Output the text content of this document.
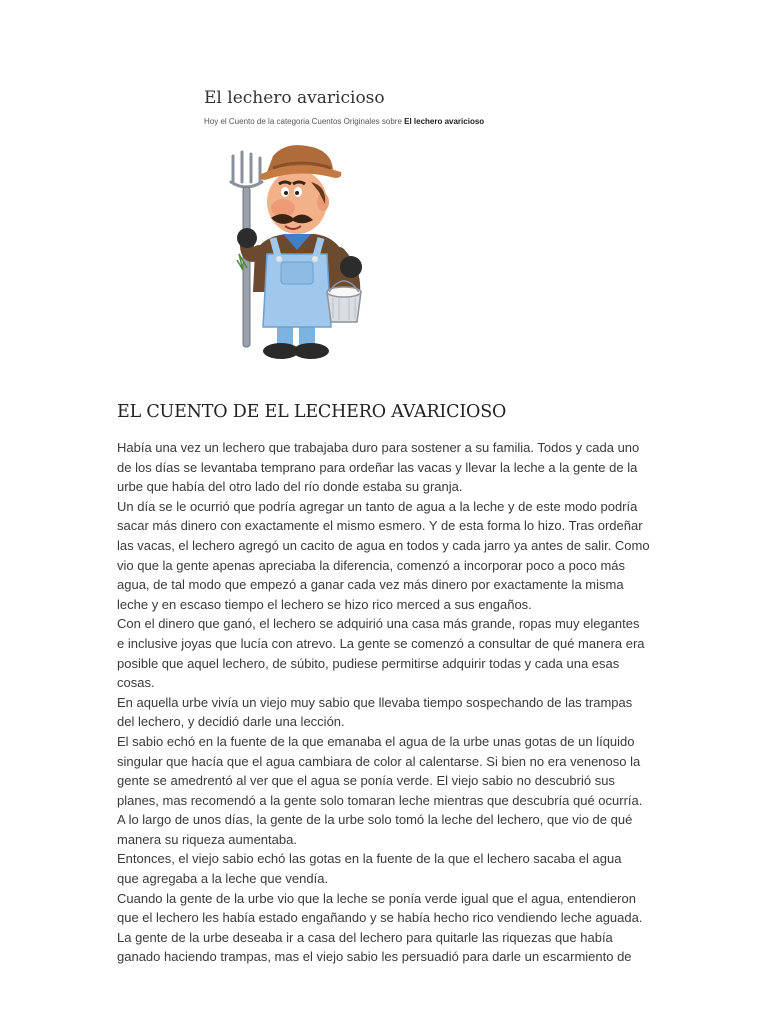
El lechero avaricioso

Hoy el Cuento de la categoria Cuentos Originales sobre El lechero avaricioso

EL CUENTO DE EL LECHERO AVARICIOSO
Había una vez un lechero que trabajaba duro para sostener a su familia. Todos y cada uno
de los días se levantaba temprano para ordeñar las vacas y llevar la leche a la gente de la
urbe que había del otro lado del río donde estaba su granja.
Un día se le ocurrió que podría agregar un tanto de agua a la leche y de este modo podría
sacar más dinero con exactamente el mismo esmero. Y de esta forma lo hizo. Tras ordeñar
las vacas, el lechero agregó un cacito de agua en todos y cada jarro ya antes de salir. Como
vio que la gente apenas apreciaba la diferencia, comenzó a incorporar poco a poco más
agua, de tal modo que empezó a ganar cada vez más dinero por exactamente la misma
leche y en escaso tiempo el lechero se hizo rico merced a sus engaños.
Con el dinero que ganó, el lechero se adquirió una casa más grande, ropas muy elegantes
e inclusive joyas que lucía con atrevo. La gente se comenzó a consultar de qué manera era
posible que aquel lechero, de súbito, pudiese permitirse adquirir todas y cada una esas
cosas.
En aquella urbe vivía un viejo muy sabio que llevaba tiempo sospechando de las trampas
del lechero, y decidió darle una lección.
El sabio echó en la fuente de la que emanaba el agua de la urbe unas gotas de un líquido
singular que hacía que el agua cambiara de color al calentarse. Si bien no era venenoso la
gente se amedrentó al ver que el agua se ponía verde. El viejo sabio no descubrió sus
planes, mas recomendó a la gente solo tomaran leche mientras que descubría qué ocurría.
A lo largo de unos días, la gente de la urbe solo tomó la leche del lechero, que vio de qué
manera su riqueza aumentaba.
Entonces, el viejo sabio echó las gotas en la fuente de la que el lechero sacaba el agua
que agregaba a la leche que vendía.
Cuando la gente de la urbe vio que la leche se ponía verde igual que el agua, entendieron
que el lechero les había estado engañando y se había hecho rico vendiendo leche aguada.
La gente de la urbe deseaba ir a casa del lechero para quitarle las riquezas que había
ganado haciendo trampas, mas el viejo sabio les persuadió para darle un escarmiento de
